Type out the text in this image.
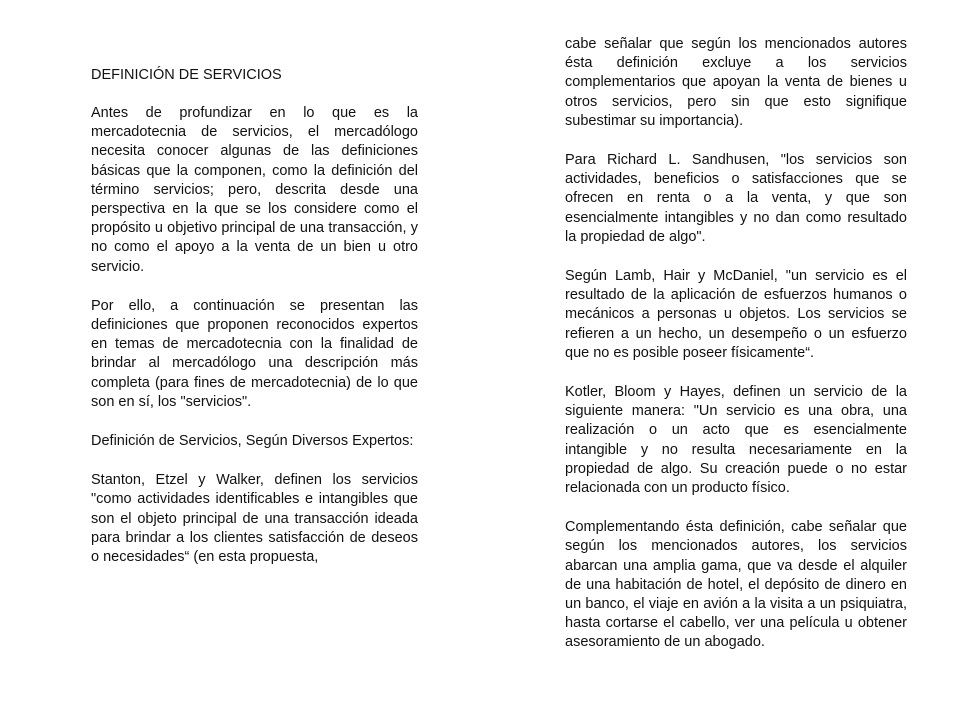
DEFINICIÓN DE SERVICIOS

Antes de profundizar en lo que es la mercadotecnia de servicios, el mercadólogo necesita conocer algunas de las definiciones básicas que la componen, como la definición del término servicios; pero, descrita desde una perspectiva en la que se los considere como el propósito u objetivo principal de una transacción, y no como el apoyo a la venta de un bien u otro servicio.

Por ello, a continuación se presentan las definiciones que proponen reconocidos expertos en temas de mercadotecnia con la finalidad de brindar al mercadólogo una descripción más completa (para fines de mercadotecnia) de lo que son en sí, los "servicios".

Definición de Servicios, Según Diversos Expertos:

Stanton, Etzel y Walker, definen los servicios "como actividades identificables e intangibles que son el objeto principal de una transacción ideada para brindar a los clientes satisfacción de deseos o necesidades“ (en esta propuesta,

cabe señalar que según los mencionados autores ésta definición excluye a los servicios complementarios que apoyan la venta de bienes u otros servicios, pero sin que esto signifique subestimar su importancia).

Para Richard L. Sandhusen, "los servicios son actividades, beneficios o satisfacciones que se ofrecen en renta o a la venta, y que son esencialmente intangibles y no dan como resultado la propiedad de algo".

Según Lamb, Hair y McDaniel, "un servicio es el resultado de la aplicación de esfuerzos humanos o mecánicos a personas u objetos. Los servicios se refieren a un hecho, un desempeño o un esfuerzo que no es posible poseer físicamente“.

Kotler, Bloom y Hayes, definen un servicio de la siguiente manera: "Un servicio es una obra, una realización o un acto que es esencialmente intangible y no resulta necesariamente en la propiedad de algo. Su creación puede o no estar relacionada con un producto físico.

Complementando ésta definición, cabe señalar que según los mencionados autores, los servicios abarcan una amplia gama, que va desde el alquiler de una habitación de hotel, el depósito de dinero en un banco, el viaje en avión a la visita a un psiquiatra, hasta cortarse el cabello, ver una película u obtener asesoramiento de un abogado.
